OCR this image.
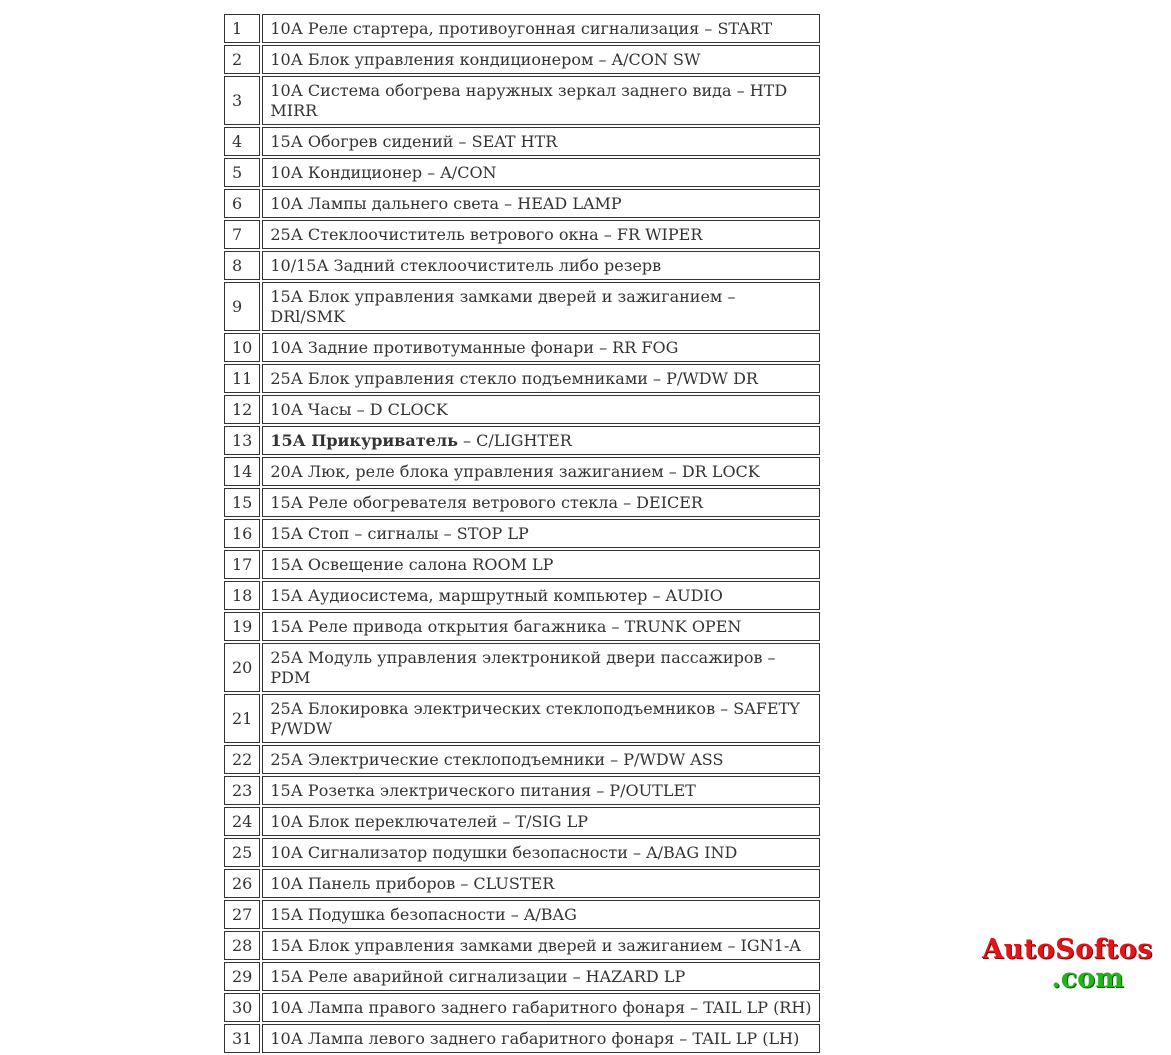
1	10А Реле стартера, противоугонная сигнализация – START
2	10А Блок управления кондиционером – A/CON SW
3	10А Система обогрева наружных зеркал заднего вида – HTD MIRR
4	15А Обогрев сидений – SEAT HTR
5	10А Кондиционер – A/CON
6	10А Лампы дальнего света – HEAD LAMP
7	25А Стеклоочиститель ветрового окна – FR WIPER
8	10/15А Задний стеклоочиститель либо резерв
9	15А Блок управления замками дверей и зажиганием – DRl/SMK
10	10А Задние противотуманные фонари – RR FOG
11	25А Блок управления стекло подъемниками – P/WDW DR
12	10А Часы – D CLOCK
13	15А Прикуриватель – C/LIGHTER
14	20А Люк, реле блока управления зажиганием – DR LOCK
15	15А Реле обогревателя ветрового стекла – DEICER
16	15А Стоп – сигналы – STOP LP
17	15А Освещение салона ROOM LP
18	15А Аудиосистема, маршрутный компьютер – AUDIO
19	15А Реле привода открытия багажника – TRUNK OPEN
20	25А Модуль управления электроникой двери пассажиров – PDM
21	25А Блокировка электрических стеклоподъемников – SAFETY P/WDW
22	25А Электрические стеклоподъемники – P/WDW ASS
23	15А Розетка электрического питания – P/OUTLET
24	10А Блок переключателей – T/SIG LP
25	10А Сигнализатор подушки безопасности – A/BAG IND
26	10А Панель приборов – CLUSTER
27	15А Подушка безопасности – A/BAG
28	15А Блок управления замками дверей и зажиганием – IGN1-A
29	15А Реле аварийной сигнализации – HAZARD LP
30	10А Лампа правого заднего габаритного фонаря – TAIL LP (RH)
31	10А Лампа левого заднего габаритного фонаря – TAIL LP (LH)
AutoSoftos
.com
